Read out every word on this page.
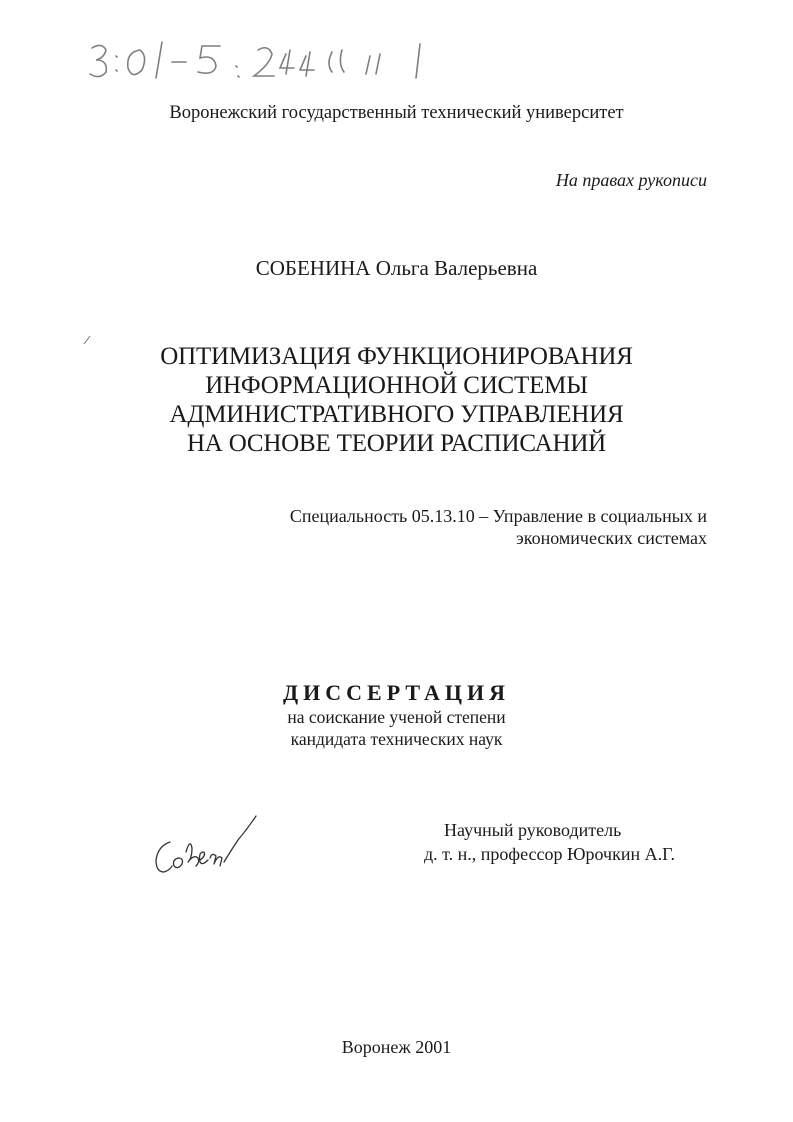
Воронежский государственный технический университет
На правах рукописи
СОБЕНИНА Ольга Валерьевна
ОПТИМИЗАЦИЯ ФУНКЦИОНИРОВАНИЯ
ИНФОРМАЦИОННОЙ СИСТЕМЫ
АДМИНИСТРАТИВНОГО УПРАВЛЕНИЯ
НА ОСНОВЕ ТЕОРИИ РАСПИСАНИЙ
Специальность 05.13.10 – Управление в социальных и
экономических системах
ДИССЕРТАЦИЯ
на соискание ученой степени
кандидата технических наук
Научный руководитель
д. т. н., профессор Юрочкин А.Г.
Воронеж 2001
